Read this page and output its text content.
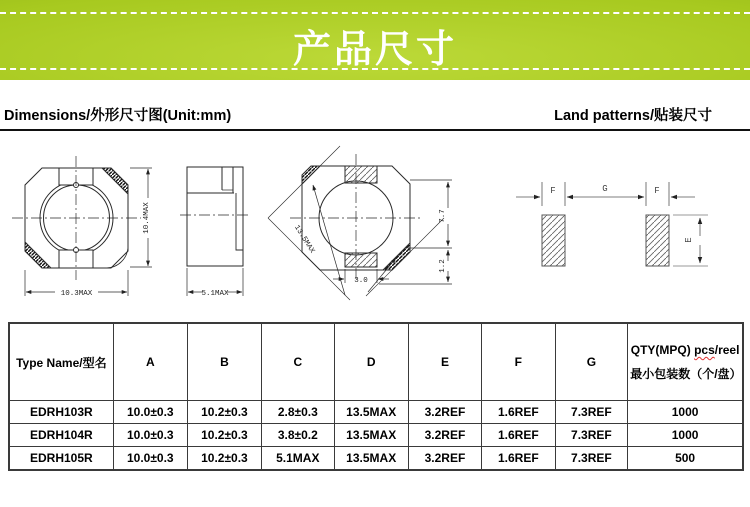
产品尺寸
Dimensions/外形尺寸图(Unit:mm)	Land patterns/贴装尺寸
10.3MAX
10.4MAX
5.1MAX
13.5MAX
3.0
7.7
1.2
F	G	F
E
Type Name/型名	A	B	C	D	E	F	G	QTY(MPQ) pcs/reel
最小包装数（个/盘）
EDRH103R	10.0±0.3	10.2±0.3	2.8±0.3	13.5MAX	3.2REF	1.6REF	7.3REF	1000
EDRH104R	10.0±0.3	10.2±0.3	3.8±0.2	13.5MAX	3.2REF	1.6REF	7.3REF	1000
EDRH105R	10.0±0.3	10.2±0.3	5.1MAX	13.5MAX	3.2REF	1.6REF	7.3REF	500
